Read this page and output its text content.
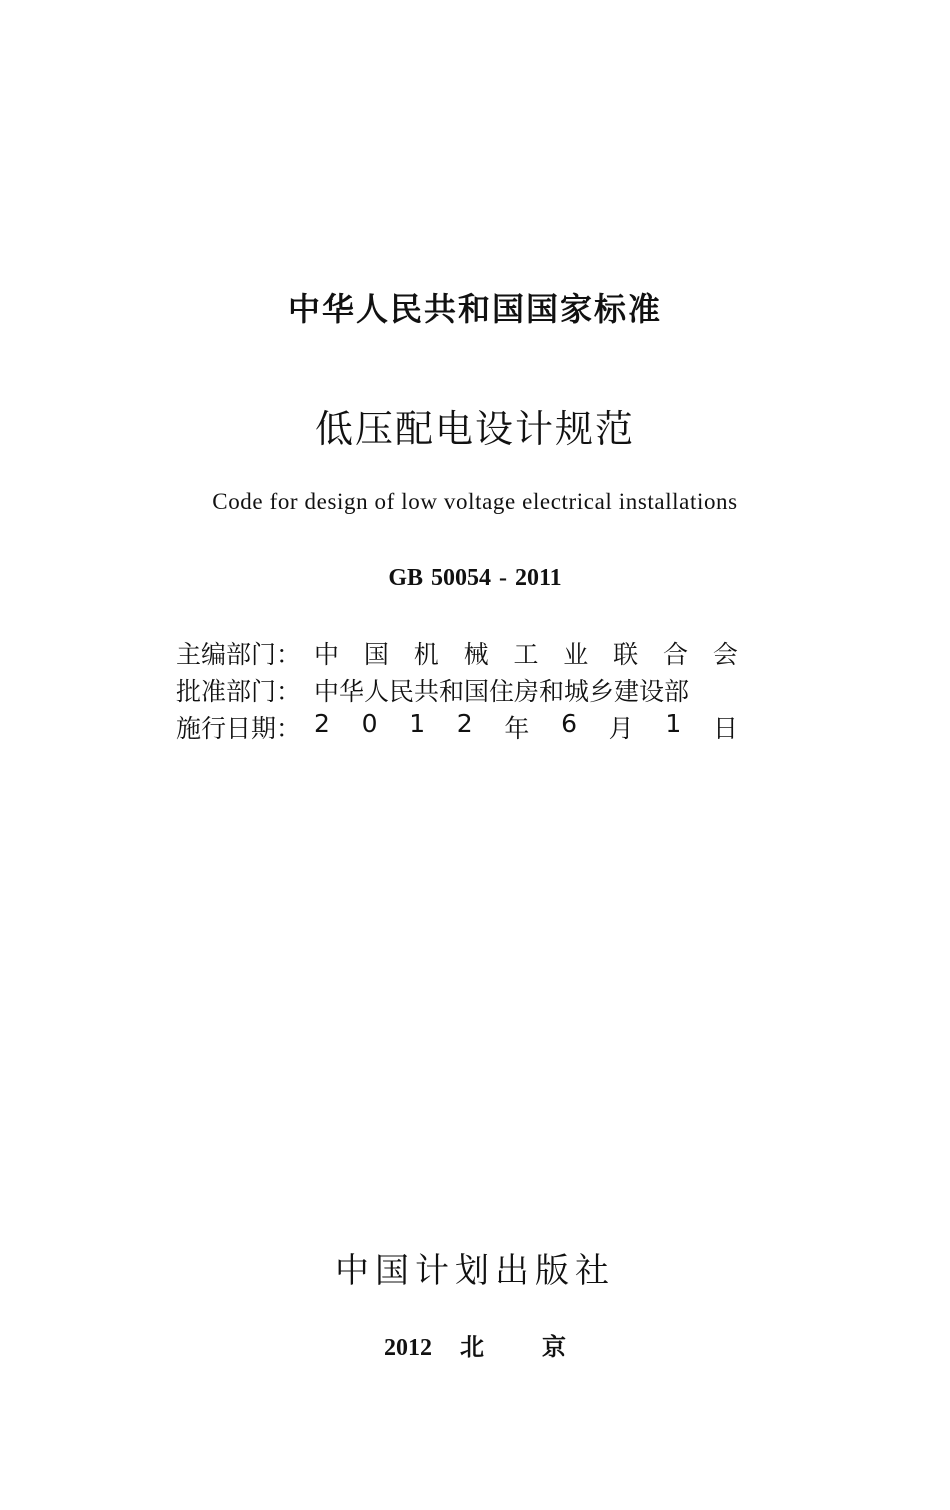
中华人民共和国国家标准
低压配电设计规范
Code for design of low voltage electrical installations
GB 50054 - 2011
主编部门： 中 国 机 械 工 业 联 合 会
批准部门： 中华人民共和国住房和城乡建设部
施行日期： 2 0 1 2 年 6 月 1 日
中国计划出版社
2012 北 京
